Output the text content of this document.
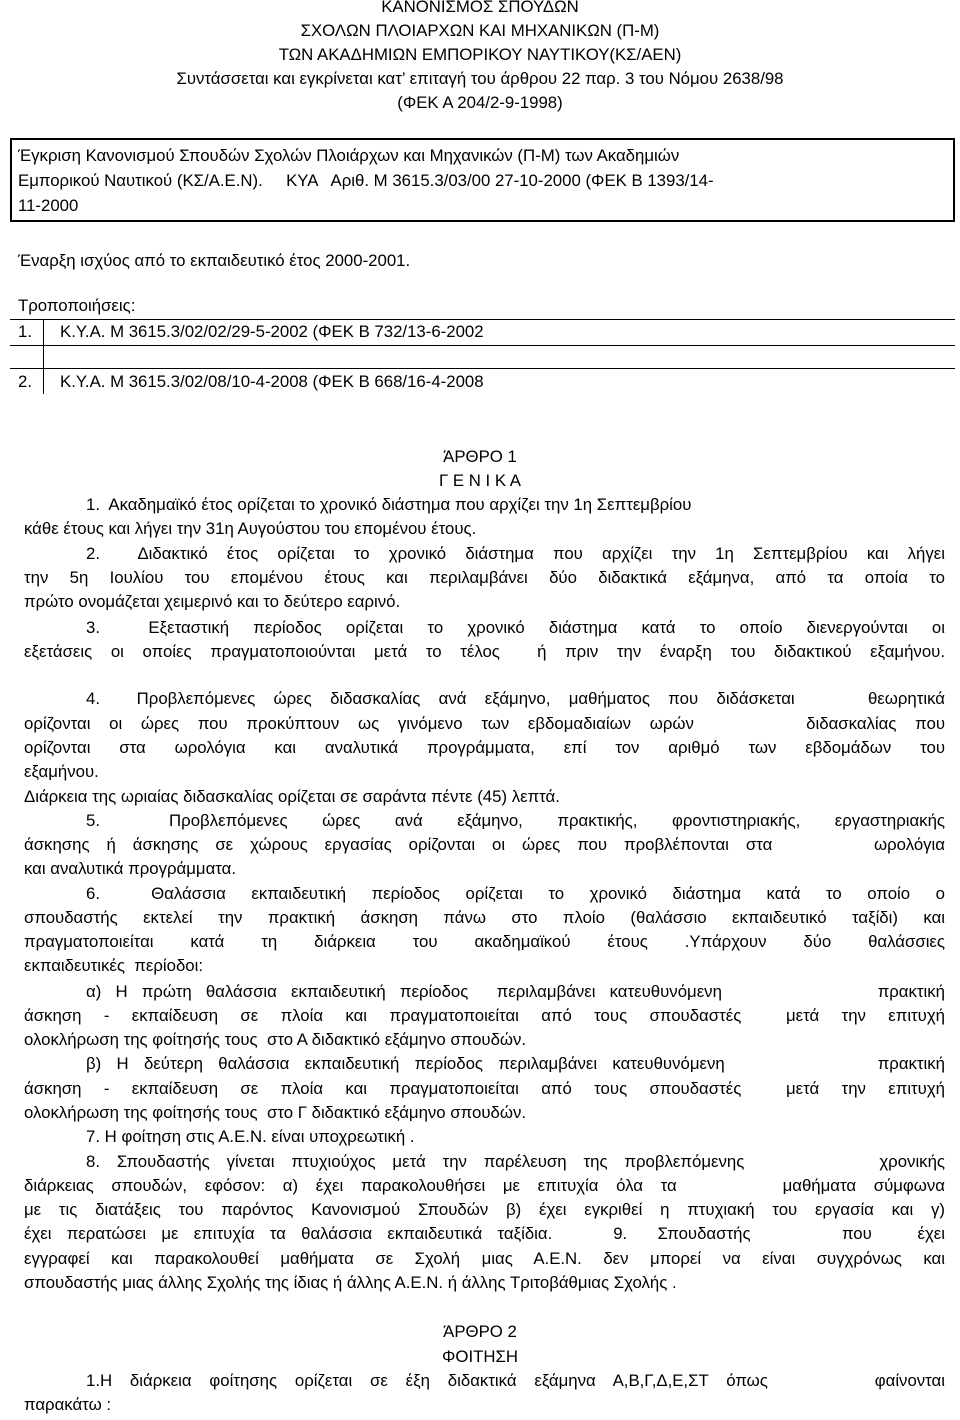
ΚΑΝΟΝΙΣΜΟΣ ΣΠΟΥΔΩΝ
ΣΧΟΛΩΝ ΠΛΟΙΑΡΧΩΝ ΚΑΙ ΜΗΧΑΝΙΚΩΝ (Π-Μ)
ΤΩΝ ΑΚΑΔΗΜΙΩΝ ΕΜΠΟΡΙΚΟΥ ΝΑΥΤΙΚΟΥ(ΚΣ/ΑΕΝ)
Συντάσσεται και εγκρίνεται κατ’ επιταγή του άρθρου 22 παρ. 3 του Νόμου 2638/98
(ΦΕΚ Α 204/2-9-1998)
Έγκριση Κανονισμού Σπουδών Σχολών Πλοιάρχων και Μηχανικών (Π-Μ) των Ακαδημιών
Εμπορικού Ναυτικού (ΚΣ/Α.Ε.Ν).     ΚΥΑ   Αριθ. Μ 3615.3/03/00 27-10-2000 (ΦΕΚ Β 1393/14-
11-2000
Έναρξη ισχύος από το εκπαιδευτικό έτος 2000-2001.
Τροποποιήσεις:
1. Κ.Υ.Α. Μ 3615.3/02/02/29-5-2002 (ΦΕΚ Β 732/13-6-2002
2. Κ.Υ.Α. Μ 3615.3/02/08/10-4-2008 (ΦΕΚ Β 668/16-4-2008
ΆΡΘΡΟ 1
Γ Ε Ν Ι Κ Α
1.  Ακαδημαϊκό έτος ορίζεται το χρονικό διάστημα που αρχίζει την 1η Σεπτεμβρίου
κάθε έτους και λήγει την 31η Αυγούστου του επομένου έτους.
2.  Διδακτικό έτος ορίζεται το χρονικό διάστημα που αρχίζει την 1η Σεπτεμβρίου και λήγει
την 5η Ιουλίου του επομένου έτους και περιλαμβάνει δύο διδακτικά εξάμηνα, από τα οποία το
πρώτο ονομάζεται χειμερινό και το δεύτερο εαρινό.
3.  Εξεταστική περίοδος ορίζεται το χρονικό διάστημα κατά το οποίο διενεργούνται οι
εξετάσεις οι οποίες πραγματοποιούνται μετά το τέλος  ή πριν την έναρξη του διδακτικού εξαμήνου.
4.  Προβλεπόμενες ώρες διδασκαλίας ανά εξάμηνο, μαθήματος που διδάσκεται    θεωρητικά
ορίζονται οι ώρες που προκύπτουν ως γινόμενο των εβδομαδιαίων ωρών      διδασκαλίας που
ορίζονται στα ωρολόγια και αναλυτικά προγράμματα, επί τον αριθμό των εβδομάδων του
εξαμήνου.
Διάρκεια της ωριαίας διδασκαλίας ορίζεται σε σαράντα πέντε (45) λεπτά.
5.  Προβλεπόμενες ώρες ανά εξάμηνο, πρακτικής, φροντιστηριακής, εργαστηριακής
άσκησης ή άσκησης σε χώρους εργασίας ορίζονται οι ώρες που προβλέπονται στα      ωρολόγια
και αναλυτικά προγράμματα.
6.  Θαλάσσια εκπαιδευτική περίοδος ορίζεται το χρονικό διάστημα κατά το οποίο ο
σπουδαστής εκτελεί την πρακτική άσκηση πάνω στο πλοίο (θαλάσσιο εκπαιδευτικό ταξίδι) και
πραγματοποιείται κατά τη διάρκεια του ακαδημαϊκού έτους .Υπάρχουν δύο θαλάσσιες
εκπαιδευτικές  περίοδοι:
α) Η πρώτη θαλάσσια εκπαιδευτική περίοδος  περιλαμβάνει κατευθυνόμενη           πρακτική
άσκηση - εκπαίδευση σε πλοία και πραγματοποιείται από τους σπουδαστές  μετά την επιτυχή
ολοκλήρωση της φοίτησής τους  στο Α διδακτικό εξάμηνο σπουδών.
β) Η δεύτερη θαλάσσια εκπαιδευτική περίοδος περιλαμβάνει κατευθυνόμενη          πρακτική
άσκηση - εκπαίδευση σε πλοία και πραγματοποιείται από τους σπουδαστές  μετά την επιτυχή
ολοκλήρωση της φοίτησής τους  στο Γ διδακτικό εξάμηνο σπουδών.
7. Η φοίτηση στις Α.Ε.Ν. είναι υποχρεωτική .
8. Σπουδαστής γίνεται πτυχιούχος μετά την παρέλευση της προβλεπόμενης        χρονικής
διάρκειας σπουδών, εφόσον: α) έχει παρακολουθήσει με επιτυχία όλα τα      μαθήματα σύμφωνα
με τις διατάξεις του παρόντος Κανονισμού Σπουδών β) έχει εγκριθεί η πτυχιακή του εργασία και γ)
έχει περατώσει με επιτυχία τα θαλάσσια εκπαιδευτικά ταξίδια.    9.  Σπουδαστής      που   έχει
εγγραφεί και παρακολουθεί μαθήματα σε Σχολή μιας Α.Ε.Ν. δεν μπορεί να είναι συγχρόνως και
σπουδαστής μιας άλλης Σχολής της ίδιας ή άλλης Α.Ε.Ν. ή άλλης Τριτοβάθμιας Σχολής .
ΆΡΘΡΟ 2
ΦΟΙΤΗΣΗ
1.Η διάρκεια φοίτησης ορίζεται σε έξη διδακτικά εξάμηνα Α,Β,Γ,Δ,Ε,ΣΤ όπως      φαίνονται
παρακάτω :
